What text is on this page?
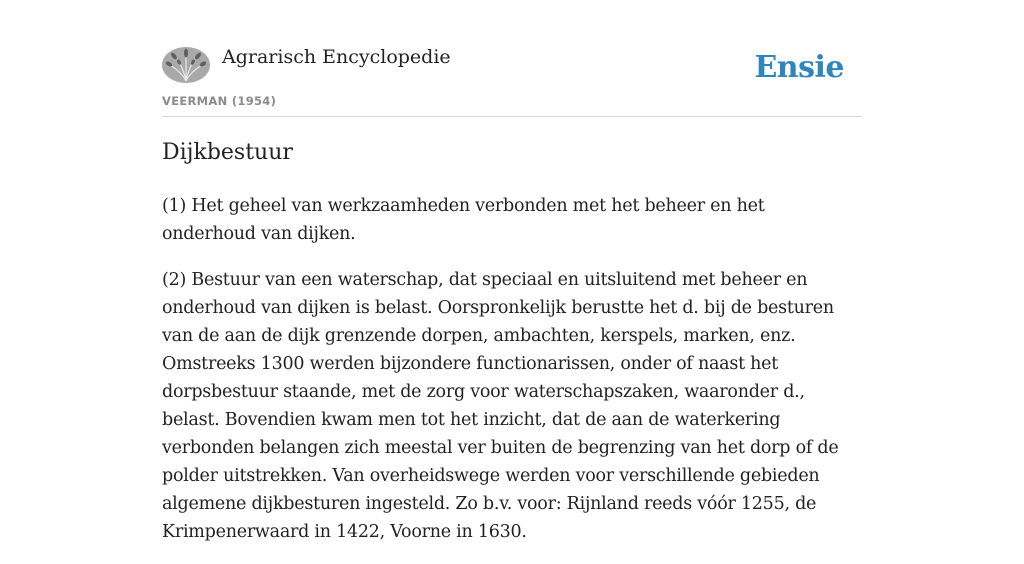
Agrarisch Encyclopedie
VEERMAN (1954)
Ensie
Dijkbestuur

(1) Het geheel van werkzaamheden verbonden met het beheer en het onderhoud van dijken.

(2) Bestuur van een waterschap, dat speciaal en uitsluitend met beheer en onderhoud van dijken is belast. Oorspronkelijk berustte het d. bij de besturen van de aan de dijk grenzende dorpen, ambachten, kerspels, marken, enz. Omstreeks 1300 werden bijzondere functionarissen, onder of naast het dorpsbestuur staande, met de zorg voor waterschapszaken, waaronder d., belast. Bovendien kwam men tot het inzicht, dat de aan de waterkering verbonden belangen zich meestal ver buiten de begrenzing van het dorp of de polder uitstrekken. Van overheidswege werden voor verschillende gebieden algemene dijkbesturen ingesteld. Zo b.v. voor: Rijnland reeds vóór 1255, de Krimpenerwaard in 1422, Voorne in 1630.
